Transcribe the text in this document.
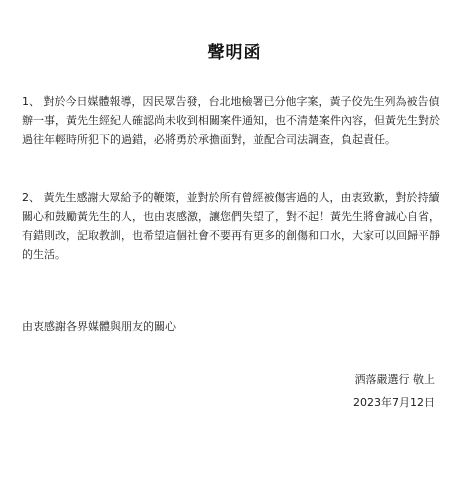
聲明函
1、 對於今日媒體報導，因民眾告發，台北地檢署已分他字案，黃子佼先生列為被告偵辦一事，黃先生經紀人確認尚未收到相關案件通知，也不清楚案件內容，但黃先生對於過往年輕時所犯下的過錯，必將勇於承擔面對，並配合司法調查，負起責任。
2、 黃先生感謝大眾給予的鞭策，並對於所有曾經被傷害過的人，由衷致歉，對於持續關心和鼓勵黃先生的人，也由衷感激，讓您們失望了，對不起！黃先生將會誠心自省，有錯則改，記取教訓，也希望這個社會不要再有更多的創傷和口水，大家可以回歸平靜的生活。
由衷感謝各界媒體與朋友的關心
洒落嚴選行 敬上
2023年7月12日
